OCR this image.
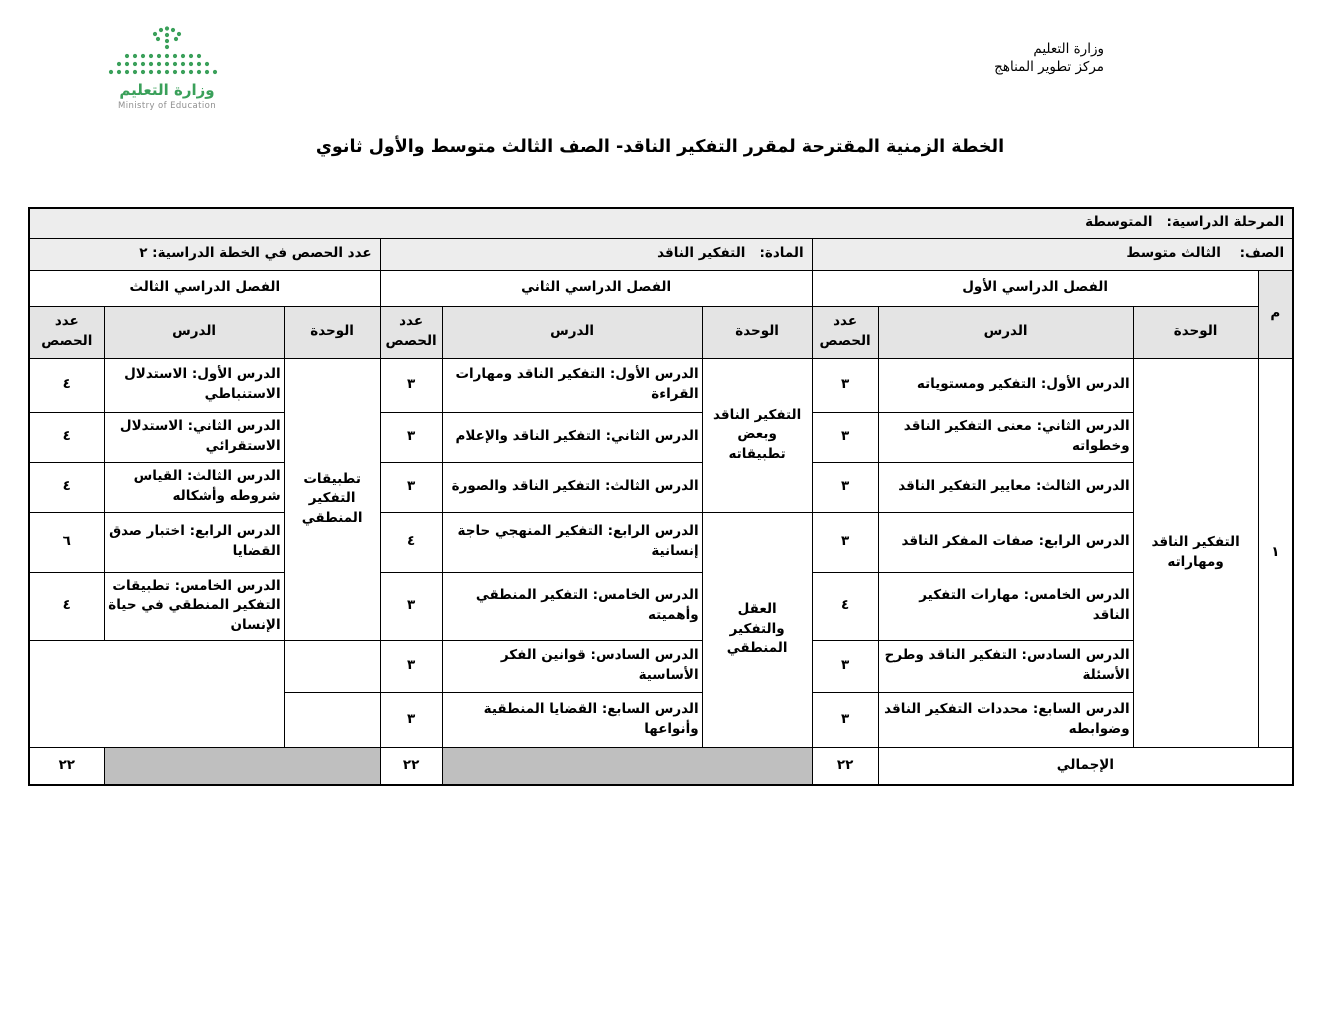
وزارة التعليم
Ministry of Education
وزارة التعليم
مركز تطوير المناهج
الخطة الزمنية المقترحة لمقرر التفكير الناقد- الصف الثالث متوسط والأول ثانوي
المرحلة الدراسية:   المتوسطة									
الصف:    الثالث متوسط				المادة:   التفكير الناقد			عدد الحصص في الخطة الدراسية: ٢		
م	الفصل الدراسي الأول			الفصل الدراسي الثاني			الفصل الدراسي الثالث		
	الوحدة	الدرس	عدد الحصص	الوحدة	الدرس	عدد الحصص	الوحدة	الدرس	عدد الحصص
١	التفكير الناقد ومهاراته	الدرس الأول: التفكير ومستوياته	٣	التفكير الناقد وبعض تطبيقاته	الدرس الأول: التفكير الناقد ومهارات القراءة	٣	تطبيقات التفكير المنطقي	الدرس الأول: الاستدلال الاستنباطي	٤
		الدرس الثاني: معنى التفكير الناقد وخطواته	٣		الدرس الثاني: التفكير الناقد والإعلام	٣		الدرس الثاني: الاستدلال الاستقرائي	٤
		الدرس الثالث: معايير التفكير الناقد	٣		الدرس الثالث: التفكير الناقد والصورة	٣		الدرس الثالث: القياس شروطه وأشكاله	٤
		الدرس الرابع: صفات المفكر الناقد	٣	العقل والتفكير المنطقي	الدرس الرابع: التفكير المنهجي حاجة إنسانية	٤		الدرس الرابع: اختبار صدق القضايا	٦
		الدرس الخامس: مهارات التفكير الناقد	٤		الدرس الخامس: التفكير المنطقي وأهميته	٣		الدرس الخامس: تطبيقات التفكير المنطقي في حياة الإنسان	٤
		الدرس السادس: التفكير الناقد وطرح الأسئلة	٣		الدرس السادس: قوانين الفكر الأساسية	٣			
		الدرس السابع: محددات التفكير الناقد وضوابطه	٣		الدرس السابع: القضايا المنطقية وأنواعها	٣			
الإجمالي			٢٢			٢٢			٢٢
